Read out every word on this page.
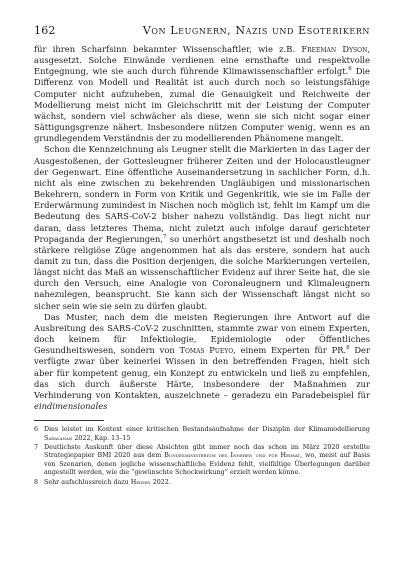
162	Von Leugnern, Nazis und Esoterikern

für ihren Scharfsinn bekannter Wissenschaftler, wie z.B. Freeman Dyson, ausgesetzt. Solche Einwände verdienen eine ernsthafte und respektvolle Entgegnung, wie sie auch durch führende Klimawissenschaftler erfolgt.$^6$ Die Differenz von Modell und Realität ist auch durch noch so leistungsfähige Computer nicht aufzuheben, zumal die Genauigkeit und Reichweite der Modellierung meist nicht im Gleichschritt mit der Leistung der Computer wächst, sondern viel schwächer als diese, wenn sie sich nicht sogar einer Sättigungsgrenze nähert. Insbesondere nützen Computer wenig, wenn es an grundlegendem Verständnis der zu modellierenden Phänomene mangelt.

Schon die Kennzeichnung als Leugner stellt die Markierten in das Lager der Ausgestoßenen, der Gottesleugner früherer Zeiten und der Holocaustleugner der Gegenwart. Eine öffentliche Auseinandersetzung in sachlicher Form, d.h. nicht als eine zwischen zu bekehrenden Ungläubigen und missionarischen Bekehrern, sondern in Form von Kritik und Gegenkritik, wie sie im Falle der Erderwärmung zumindest in Nischen noch möglich ist, fehlt im Kampf um die Bedeutung des SARS-CoV-2 bisher nahezu vollständig. Das liegt nicht nur daran, dass letzteres Thema, nicht zuletzt auch infolge darauf gerichteter Propaganda der Regierungen,$^7$ so unerhört angstbesetzt ist und deshalb noch stärkere religiöse Züge angenommen hat als das erstere, sondern hat auch damit zu tun, dass die Position derjenigen, die solche Markierungen verteilen, längst nicht das Maß an wissenschaftlicher Evidenz auf ihrer Seite hat, die sie durch den Versuch, eine Analogie von Coronaleugnern und Klimaleugnern nahezulegen, beansprucht. Sie kann sich der Wissenschaft längst nicht so sicher sein wie sie sein zu dürfen glaubt.

Das Muster, nach dem die meisten Regierungen ihre Antwort auf die Ausbreitung des SARS-CoV-2 zuschnitten, stammte zwar von einem Experten, doch keinem für Infektiologie, Epidemiologie oder Öffentliches Gesundheitswesen, sondern von Tomas Pueyo, einem Experten für PR.$^8$ Der verfügte zwar über keinerlei Wissen in den betreffenden Fragen, hielt sich aber für kompetent genug, ein Konzept zu entwickeln und ließ zu empfehlen, das sich durch äußerste Härte, insbesondere der Maßnahmen zur Verhinderung von Kontakten, auszeichnete – geradezu ein Paradebeispiel für eindimensionales

6 Dies leistet im Kontext einer kritischen Bestandsaufnahme der Disziplin der Klimamodellierung Saravanan 2022, Kap. 13–15
7 Deutlichste Auskunft über diese Absichten gibt immer noch das schon im März 2020 erstellte Strategiepapier BMI 2020 aus dem Bundesministerium des Inneren und für Heimat, wo, meist auf Basis von Szenarien, denen jegliche wissenschaftliche Evidenz fehlt, vielfältige Überlegungen darüber angestellt werden, wie die “gewünschte Schockwirkung” erzielt werden könne.
8 Sehr aufschlussreich dazu Heinen 2022.
